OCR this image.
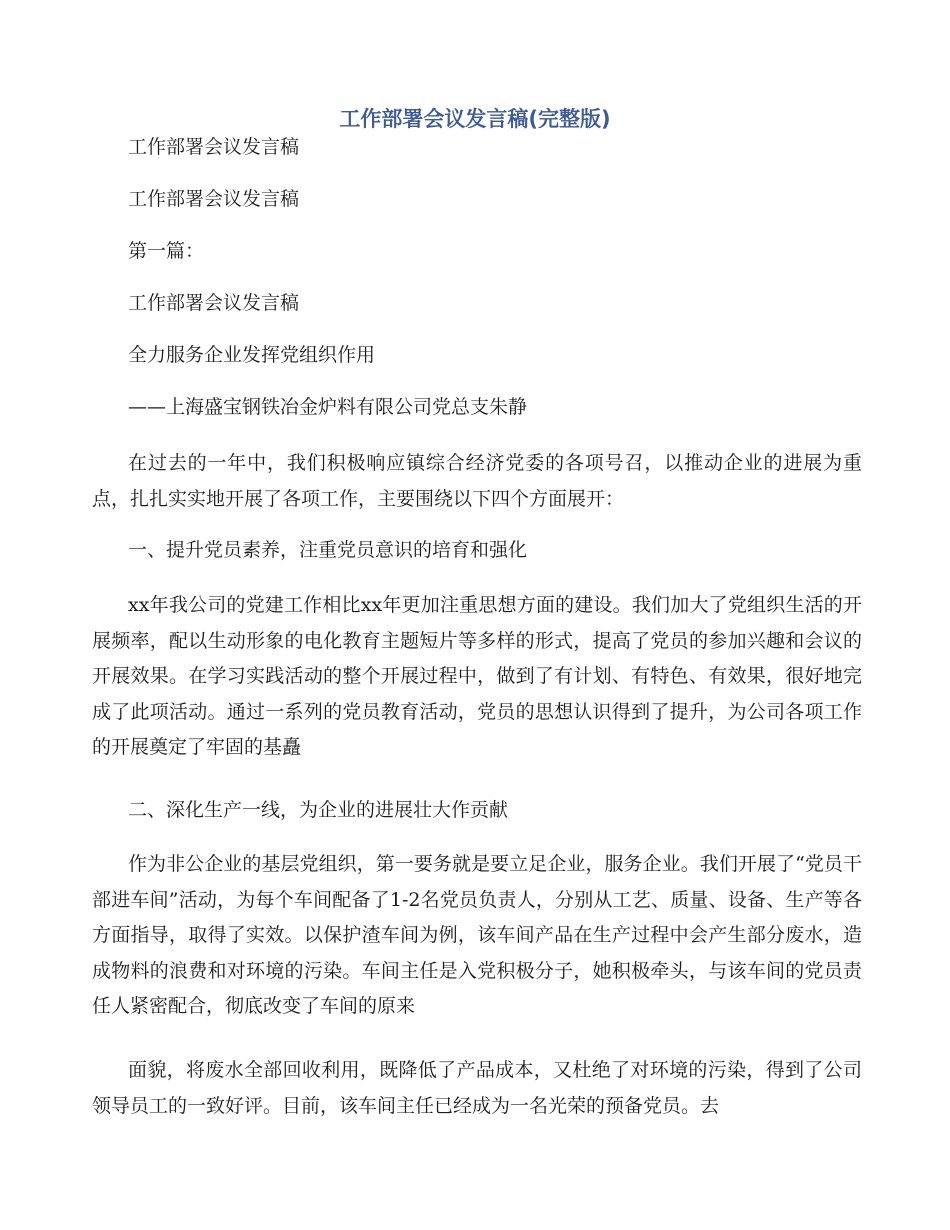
工作部署会议发言稿(完整版)

工作部署会议发言稿

工作部署会议发言稿

第一篇：

工作部署会议发言稿

全力服务企业发挥党组织作用

——上海盛宝钢铁冶金炉料有限公司党总支朱静

在过去的一年中，我们积极响应镇综合经济党委的各项号召，以推动企业的进展为重点，扎扎实实地开展了各项工作，主要围绕以下四个方面展开：

一、提升党员素养，注重党员意识的培育和强化

xx年我公司的党建工作相比xx年更加注重思想方面的建设。我们加大了党组织生活的开展频率，配以生动形象的电化教育主题短片等多样的形式，提高了党员的参加兴趣和会议的开展效果。在学习实践活动的整个开展过程中，做到了有计划、有特色、有效果，很好地完成了此项活动。通过一系列的党员教育活动，党员的思想认识得到了提升，为公司各项工作的开展奠定了牢固的基矗

二、深化生产一线，为企业的进展壮大作贡献

作为非公企业的基层党组织，第一要务就是要立足企业，服务企业。我们开展了“党员干部进车间”活动，为每个车间配备了1-2名党员负责人，分别从工艺、质量、设备、生产等各方面指导，取得了实效。以保护渣车间为例，该车间产品在生产过程中会产生部分废水，造成物料的浪费和对环境的污染。车间主任是入党积极分子，她积极牵头，与该车间的党员责任人紧密配合，彻底改变了车间的原来

面貌，将废水全部回收利用，既降低了产品成本，又杜绝了对环境的污染，得到了公司领导员工的一致好评。目前，该车间主任已经成为一名光荣的预备党员。去
